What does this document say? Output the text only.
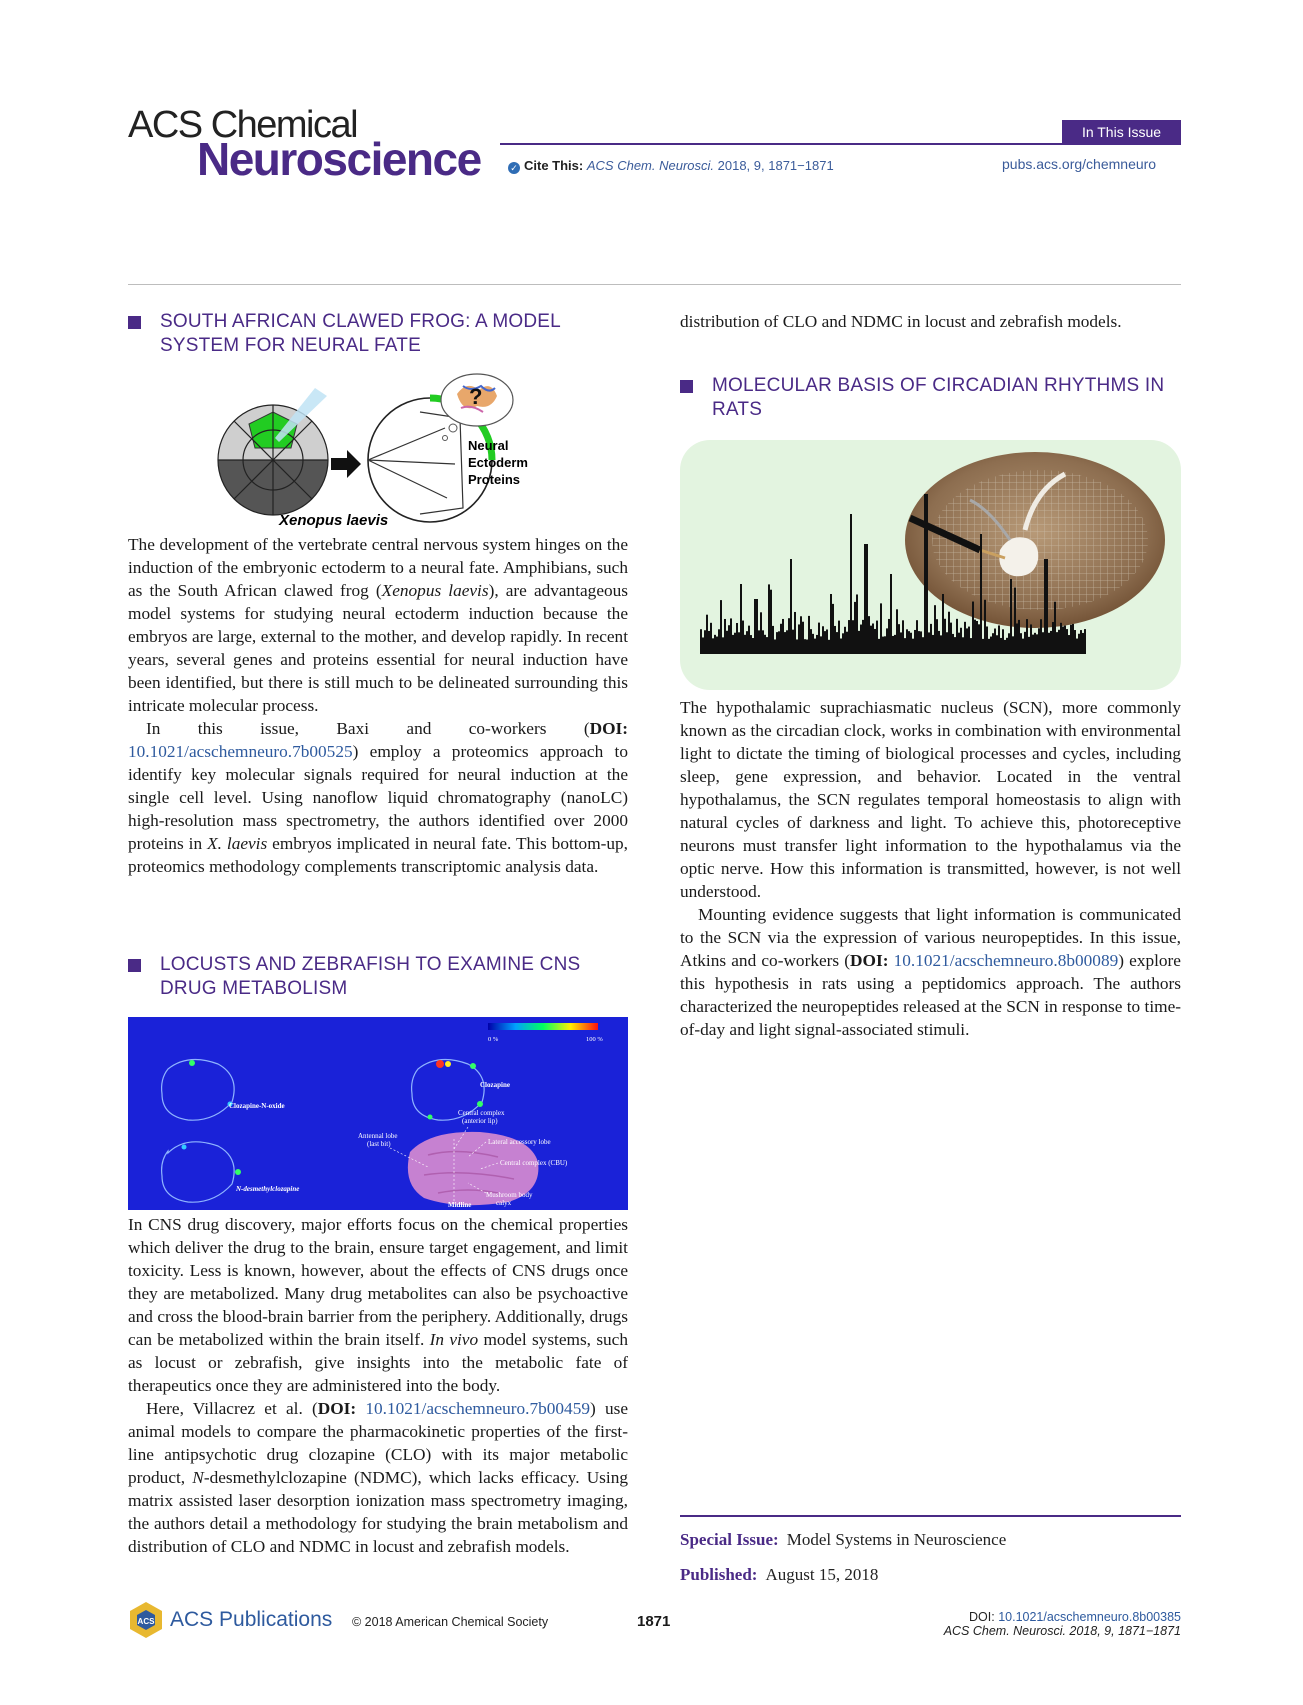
ACS Chemical
Neuroscience
In This Issue
✓ Cite This: ACS Chem. Neurosci. 2018, 9, 1871−1871	pubs.acs.org/chemneuro
SOUTH AFRICAN CLAWED FROG: A MODEL
SYSTEM FOR NEURAL FATE
?
Neural
Ectoderm
Proteins
Xenopus laevis

The development of the vertebrate central nervous system hinges on the induction of the embryonic ectoderm to a neural fate. Amphibians, such as the South African clawed frog (Xenopus laevis), are advantageous model systems for studying neural ectoderm induction because the embryos are large, external to the mother, and develop rapidly. In recent years, several genes and proteins essential for neural induction have been identified, but there is still much to be delineated surrounding this intricate molecular process.

In this issue, Baxi and co-workers (DOI: 10.1021/acschemneuro.7b00525) employ a proteomics approach to identify key molecular signals required for neural induction at the single cell level. Using nanoflow liquid chromatography (nanoLC) high-resolution mass spectrometry, the authors identified over 2000 proteins in X. laevis embryos implicated in neural fate. This bottom-up, proteomics methodology complements transcriptomic analysis data.

LOCUSTS AND ZEBRAFISH TO EXAMINE CNS
DRUG METABOLISM
0 %	100 %
Clozapine-N-oxide
Clozapine
N-desmethylclozapine
Central complex
(anterior lip)
Antennal lobe
(last bit)	Lateral accessory lobe
Central complex (CBU)
Mushroom body
calyx
Midline

In CNS drug discovery, major efforts focus on the chemical properties which deliver the drug to the brain, ensure target engagement, and limit toxicity. Less is known, however, about the effects of CNS drugs once they are metabolized. Many drug metabolites can also be psychoactive and cross the blood-brain barrier from the periphery. Additionally, drugs can be metabolized within the brain itself. In vivo model systems, such as locust or zebrafish, give insights into the metabolic fate of therapeutics once they are administered into the body.

Here, Villacrez et al. (DOI: 10.1021/acschemneuro.7b00459) use animal models to compare the pharmacokinetic properties of the first-line antipsychotic drug clozapine (CLO) with its major metabolic product, N-desmethylclozapine (NDMC), which lacks efficacy. Using matrix assisted laser desorption ionization mass spectrometry imaging, the authors detail a methodology for studying the brain metabolism and distribution of CLO and NDMC in locust and zebrafish models.

distribution of CLO and NDMC in locust and zebrafish models.

MOLECULAR BASIS OF CIRCADIAN RHYTHMS IN
RATS

The hypothalamic suprachiasmatic nucleus (SCN), more commonly known as the circadian clock, works in combination with environmental light to dictate the timing of biological processes and cycles, including sleep, gene expression, and behavior. Located in the ventral hypothalamus, the SCN regulates temporal homeostasis to align with natural cycles of darkness and light. To achieve this, photoreceptive neurons must transfer light information to the hypothalamus via the optic nerve. How this information is transmitted, however, is not well understood.

Mounting evidence suggests that light information is communicated to the SCN via the expression of various neuropeptides. In this issue, Atkins and co-workers (DOI: 10.1021/acschemneuro.8b00089) explore this hypothesis in rats using a peptidomics approach. The authors characterized the neuropeptides released at the SCN in response to time-of-day and light signal-associated stimuli.

Special Issue: Model Systems in Neuroscience
Published: August 15, 2018
ACS ACS Publications © 2018 American Chemical Society	1871	DOI: 10.1021/acschemneuro.8b00385
ACS Chem. Neurosci. 2018, 9, 1871−1871
